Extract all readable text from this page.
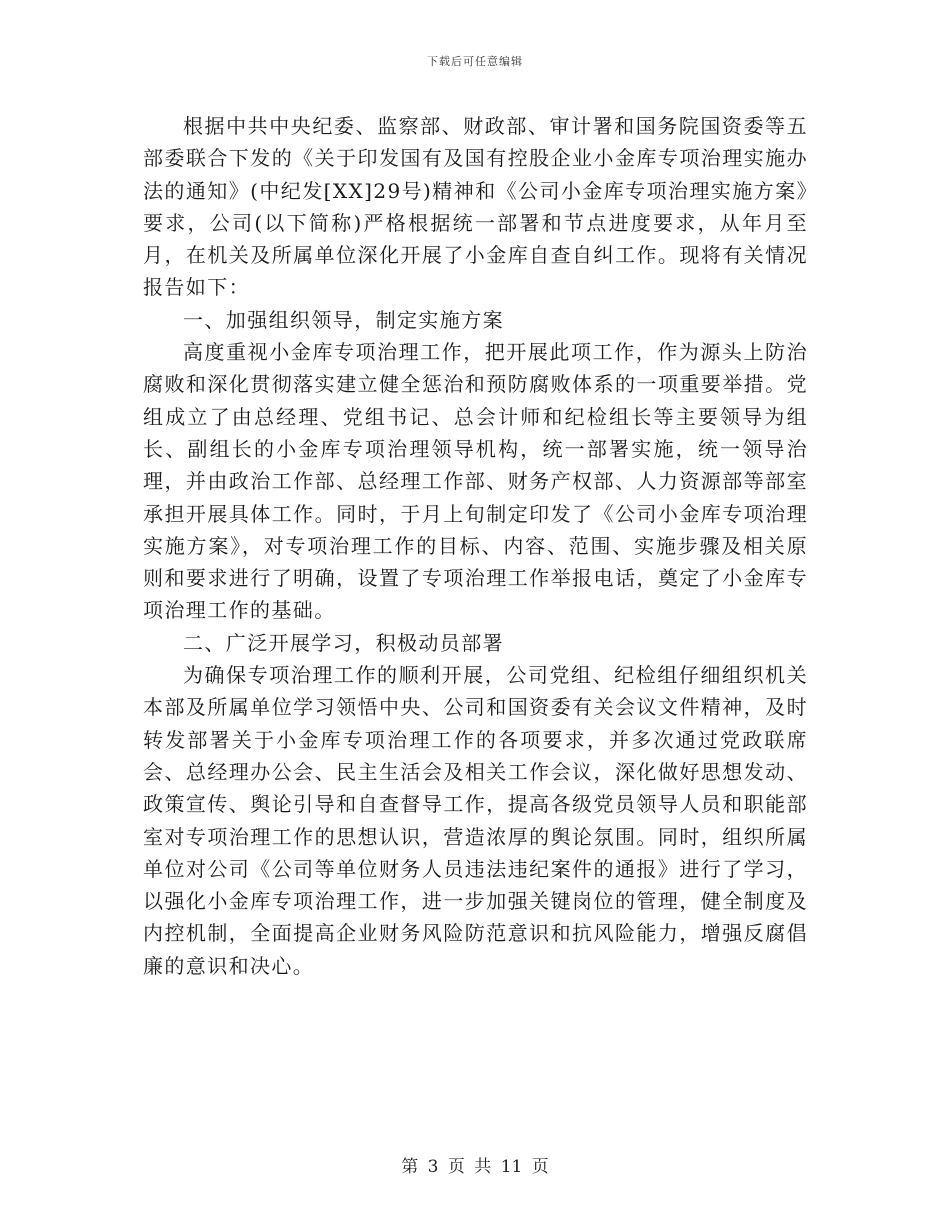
下载后可任意编辑

根据中共中央纪委、监察部、财政部、审计署和国务院国资委等五部委联合下发的《关于印发国有及国有控股企业小金库专项治理实施办法的通知》(中纪发[XX]29号)精神和《公司小金库专项治理实施方案》要求，公司(以下简称)严格根据统一部署和节点进度要求，从年月至月，在机关及所属单位深化开展了小金库自查自纠工作。现将有关情况报告如下：

一、加强组织领导，制定实施方案

高度重视小金库专项治理工作，把开展此项工作，作为源头上防治腐败和深化贯彻落实建立健全惩治和预防腐败体系的一项重要举措。党组成立了由总经理、党组书记、总会计师和纪检组长等主要领导为组长、副组长的小金库专项治理领导机构，统一部署实施，统一领导治理，并由政治工作部、总经理工作部、财务产权部、人力资源部等部室承担开展具体工作。同时，于月上旬制定印发了《公司小金库专项治理实施方案》，对专项治理工作的目标、内容、范围、实施步骤及相关原则和要求进行了明确，设置了专项治理工作举报电话，奠定了小金库专项治理工作的基础。

二、广泛开展学习，积极动员部署

为确保专项治理工作的顺利开展，公司党组、纪检组仔细组织机关本部及所属单位学习领悟中央、公司和国资委有关会议文件精神，及时转发部署关于小金库专项治理工作的各项要求，并多次通过党政联席会、总经理办公会、民主生活会及相关工作会议，深化做好思想发动、政策宣传、舆论引导和自查督导工作，提高各级党员领导人员和职能部室对专项治理工作的思想认识，营造浓厚的舆论氛围。同时，组织所属单位对公司《公司等单位财务人员违法违纪案件的通报》进行了学习，以强化小金库专项治理工作，进一步加强关键岗位的管理，健全制度及内控机制，全面提高企业财务风险防范意识和抗风险能力，增强反腐倡廉的意识和决心。

第 3 页 共 11 页
